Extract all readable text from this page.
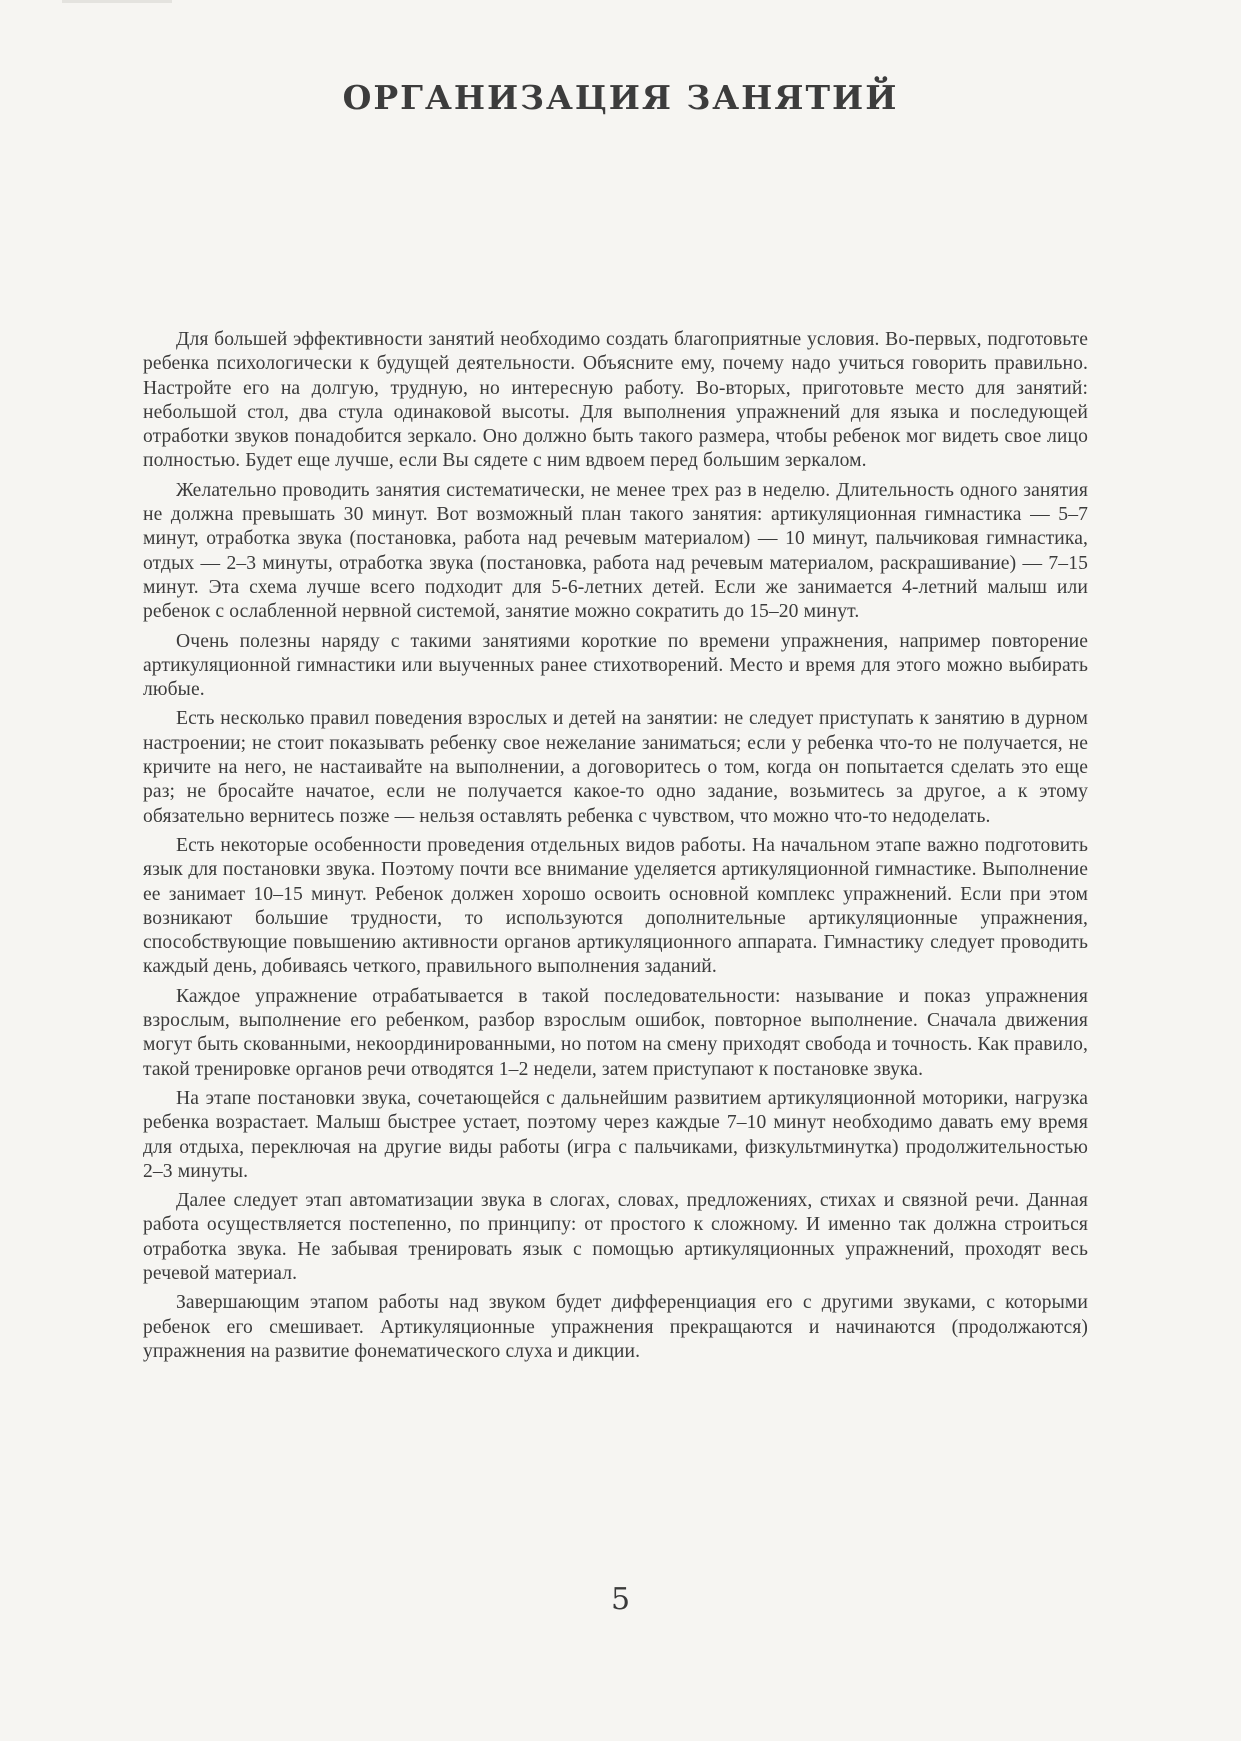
ОРГАНИЗАЦИЯ ЗАНЯТИЙ

Для большей эффективности занятий необходимо создать благоприятные условия. Во-первых, подготовьте ребенка психологически к будущей деятельности. Объясните ему, почему надо учиться говорить правильно. Настройте его на долгую, трудную, но интересную работу. Во-вторых, приготовьте место для занятий: небольшой стол, два стула одинаковой высоты. Для выполнения упражнений для языка и последующей отработки звуков понадобится зеркало. Оно должно быть такого размера, чтобы ребенок мог видеть свое лицо полностью. Будет еще лучше, если Вы сядете с ним вдвоем перед большим зеркалом.

Желательно проводить занятия систематически, не менее трех раз в неделю. Длительность одного занятия не должна превышать 30 минут. Вот возможный план такого занятия: артикуляционная гимнастика — 5–7 минут, отработка звука (постановка, работа над речевым материалом) — 10 минут, пальчиковая гимнастика, отдых — 2–3 минуты, отработка звука (постановка, работа над речевым материалом, раскрашивание) — 7–15 минут. Эта схема лучше всего подходит для 5-6-летних детей. Если же занимается 4-летний малыш или ребенок с ослабленной нервной системой, занятие можно сократить до 15–20 минут.

Очень полезны наряду с такими занятиями короткие по времени упражнения, например повторение артикуляционной гимнастики или выученных ранее стихотворений. Место и время для этого можно выбирать любые.

Есть несколько правил поведения взрослых и детей на занятии: не следует приступать к занятию в дурном настроении; не стоит показывать ребенку свое нежелание заниматься; если у ребенка что-то не получается, не кричите на него, не настаивайте на выполнении, а договоритесь о том, когда он попытается сделать это еще раз; не бросайте начатое, если не получается какое-то одно задание, возьмитесь за другое, а к этому обязательно вернитесь позже — нельзя оставлять ребенка с чувством, что можно что-то недоделать.

Есть некоторые особенности проведения отдельных видов работы. На начальном этапе важно подготовить язык для постановки звука. Поэтому почти все внимание уделяется артикуляционной гимнастике. Выполнение ее занимает 10–15 минут. Ребенок должен хорошо освоить основной комплекс упражнений. Если при этом возникают большие трудности, то используются дополнительные артикуляционные упражнения, способствующие повышению активности органов артикуляционного аппарата. Гимнастику следует проводить каждый день, добиваясь четкого, правильного выполнения заданий.

Каждое упражнение отрабатывается в такой последовательности: называние и показ упражнения взрослым, выполнение его ребенком, разбор взрослым ошибок, повторное выполнение. Сначала движения могут быть скованными, некоординированными, но потом на смену приходят свобода и точность. Как правило, такой тренировке органов речи отводятся 1–2 недели, затем приступают к постановке звука.

На этапе постановки звука, сочетающейся с дальнейшим развитием артикуляционной моторики, нагрузка ребенка возрастает. Малыш быстрее устает, поэтому через каждые 7–10 минут необходимо давать ему время для отдыха, переключая на другие виды работы (игра с пальчиками, физкультминутка) продолжительностью 2–3 минуты.

Далее следует этап автоматизации звука в слогах, словах, предложениях, стихах и связной речи. Данная работа осуществляется постепенно, по принципу: от простого к сложному. И именно так должна строиться отработка звука. Не забывая тренировать язык с помощью артикуляционных упражнений, проходят весь речевой материал.

Завершающим этапом работы над звуком будет дифференциация его с другими звуками, с которыми ребенок его смешивает. Артикуляционные упражнения прекращаются и начинаются (продолжаются) упражнения на развитие фонематического слуха и дикции.

5
